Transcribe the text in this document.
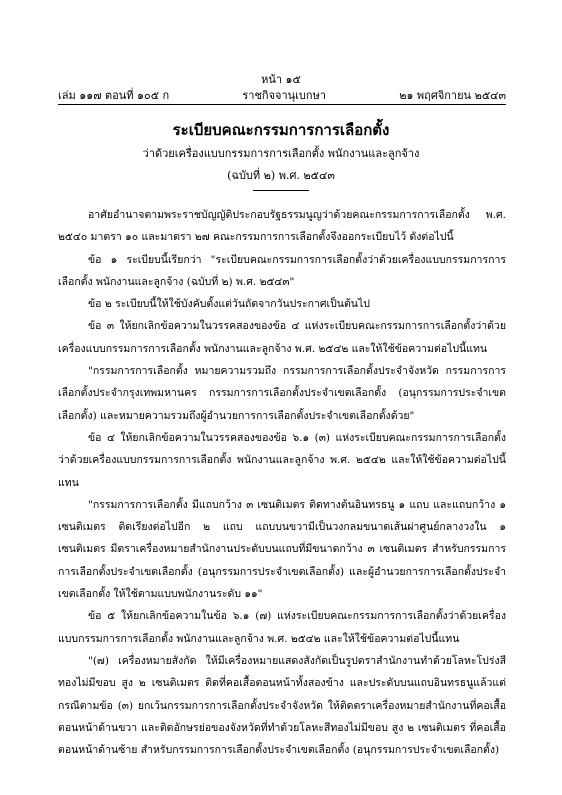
หน้า ๑๕
เล่ม ๑๑๗ ตอนที่ ๑๐๕ ก	ราชกิจจานุเบกษา	๒๑ พฤศจิกายน ๒๕๔๓
ระเบียบคณะกรรมการการเลือกตั้ง
ว่าด้วยเครื่องแบบกรรมการการเลือกตั้ง พนักงานและลูกจ้าง
(ฉบับที่ ๒) พ.ศ. ๒๕๔๓

อาศัยอำนาจตามพระราชบัญญัติประกอบรัฐธรรมนูญว่าด้วยคณะกรรมการการเลือกตั้ง พ.ศ. ๒๕๔๐ มาตรา ๑๐ และมาตรา ๒๗ คณะกรรมการการเลือกตั้งจึงออกระเบียบไว้ ดังต่อไปนี้

ข้อ ๑ ระเบียบนี้เรียกว่า "ระเบียบคณะกรรมการการเลือกตั้งว่าด้วยเครื่องแบบกรรมการการเลือกตั้ง พนักงานและลูกจ้าง (ฉบับที่ ๒) พ.ศ. ๒๕๔๓"

ข้อ ๒ ระเบียบนี้ให้ใช้บังคับตั้งแต่วันถัดจากวันประกาศเป็นต้นไป

ข้อ ๓ ให้ยกเลิกข้อความในวรรคสองของข้อ ๔ แห่งระเบียบคณะกรรมการการเลือกตั้งว่าด้วยเครื่องแบบกรรมการการเลือกตั้ง พนักงานและลูกจ้าง พ.ศ. ๒๕๔๒ และให้ใช้ข้อความต่อไปนี้แทน

"กรรมการการเลือกตั้ง หมายความรวมถึง กรรมการการเลือกตั้งประจำจังหวัด กรรมการการเลือกตั้งประจำกรุงเทพมหานคร กรรมการการเลือกตั้งประจำเขตเลือกตั้ง (อนุกรรมการประจำเขตเลือกตั้ง) และหมายความรวมถึงผู้อำนวยการการเลือกตั้งประจำเขตเลือกตั้งด้วย"

ข้อ ๔ ให้ยกเลิกข้อความในวรรคสองของข้อ ๖.๑ (๓) แห่งระเบียบคณะกรรมการการเลือกตั้งว่าด้วยเครื่องแบบกรรมการการเลือกตั้ง พนักงานและลูกจ้าง พ.ศ. ๒๕๔๒ และให้ใช้ข้อความต่อไปนี้แทน

"กรรมการการเลือกตั้ง มีแถบกว้าง ๓ เซนติเมตร ติดทางต้นอินทรธนู ๑ แถบ และแถบกว้าง ๑ เซนติเมตร ติดเรียงต่อไปอีก ๒ แถบ แถบบนขวามีเป็นวงกลมขนาดเส้นผ่าศูนย์กลางวงใน ๑ เซนติเมตร มีตราเครื่องหมายสำนักงานประดับบนแถบที่มีขนาดกว้าง ๓ เซนติเมตร สำหรับกรรมการการเลือกตั้งประจำเขตเลือกตั้ง (อนุกรรมการประจำเขตเลือกตั้ง) และผู้อำนวยการการเลือกตั้งประจำเขตเลือกตั้ง ให้ใช้ตามแบบพนักงานระดับ ๑๑"

ข้อ ๕ ให้ยกเลิกข้อความในข้อ ๖.๑ (๗) แห่งระเบียบคณะกรรมการการเลือกตั้งว่าด้วยเครื่องแบบกรรมการการเลือกตั้ง พนักงานและลูกจ้าง พ.ศ. ๒๕๔๒ และให้ใช้ข้อความต่อไปนี้แทน

"(๗) เครื่องหมายสังกัด ให้มีเครื่องหมายแสดงสังกัดเป็นรูปตราสำนักงานทำด้วยโลหะโปร่งสีทองไม่มีขอบ สูง ๒ เซนติเมตร ติดที่คอเสื้อตอนหน้าทั้งสองข้าง และประดับบนแถบอินทรธนูแล้วแต่กรณีตามข้อ (๓) ยกเว้นกรรมการการเลือกตั้งประจำจังหวัด ให้ติดตราเครื่องหมายสำนักงานที่คอเสื้อตอนหน้าด้านขวา และติดอักษรย่อของจังหวัดที่ทำด้วยโลหะสีทองไม่มีขอบ สูง ๒ เซนติเมตร ที่คอเสื้อตอนหน้าด้านซ้าย สำหรับกรรมการการเลือกตั้งประจำเขตเลือกตั้ง (อนุกรรมการประจำเขตเลือกตั้ง)
